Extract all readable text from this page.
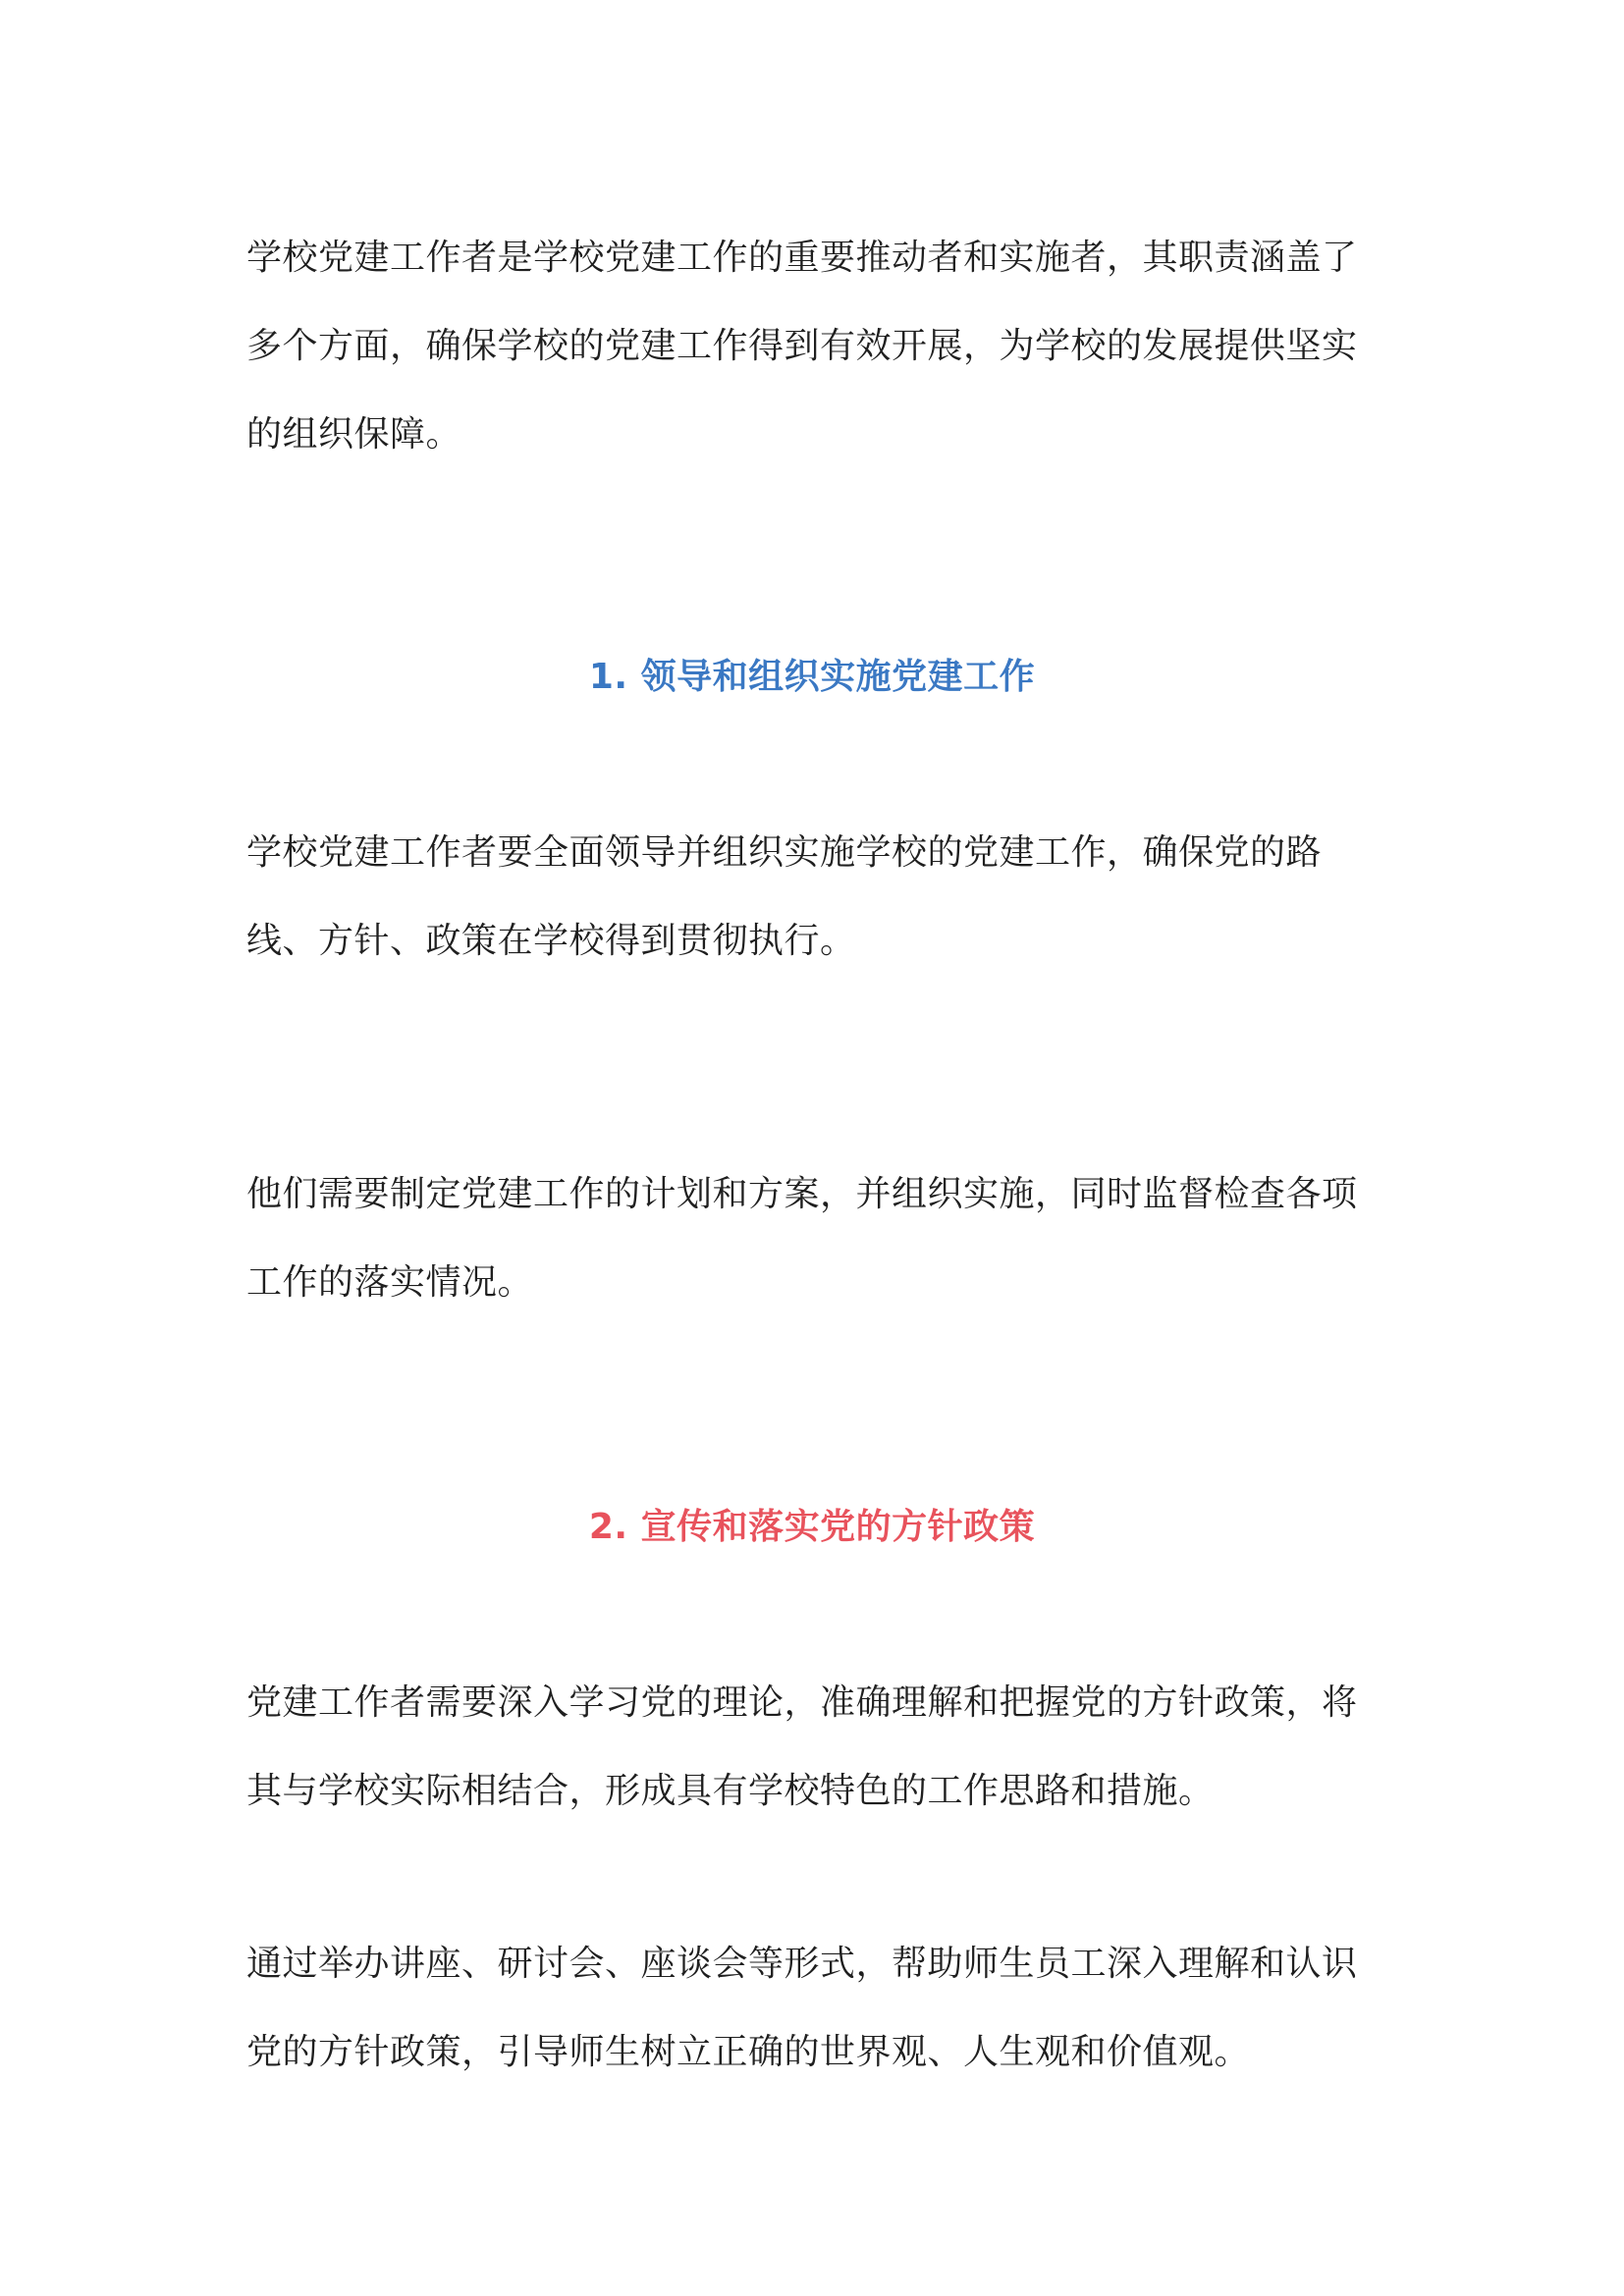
学校党建工作者是学校党建工作的重要推动者和实施者，其职责涵盖了多个方面，确保学校的党建工作得到有效开展，为学校的发展提供坚实的组织保障。

1. 领导和组织实施党建工作

学校党建工作者要全面领导并组织实施学校的党建工作，确保党的路线、方针、政策在学校得到贯彻执行。

他们需要制定党建工作的计划和方案，并组织实施，同时监督检查各项工作的落实情况。

2. 宣传和落实党的方针政策

党建工作者需要深入学习党的理论，准确理解和把握党的方针政策，将其与学校实际相结合，形成具有学校特色的工作思路和措施。

通过举办讲座、研讨会、座谈会等形式，帮助师生员工深入理解和认识党的方针政策，引导师生树立正确的世界观、人生观和价值观。
